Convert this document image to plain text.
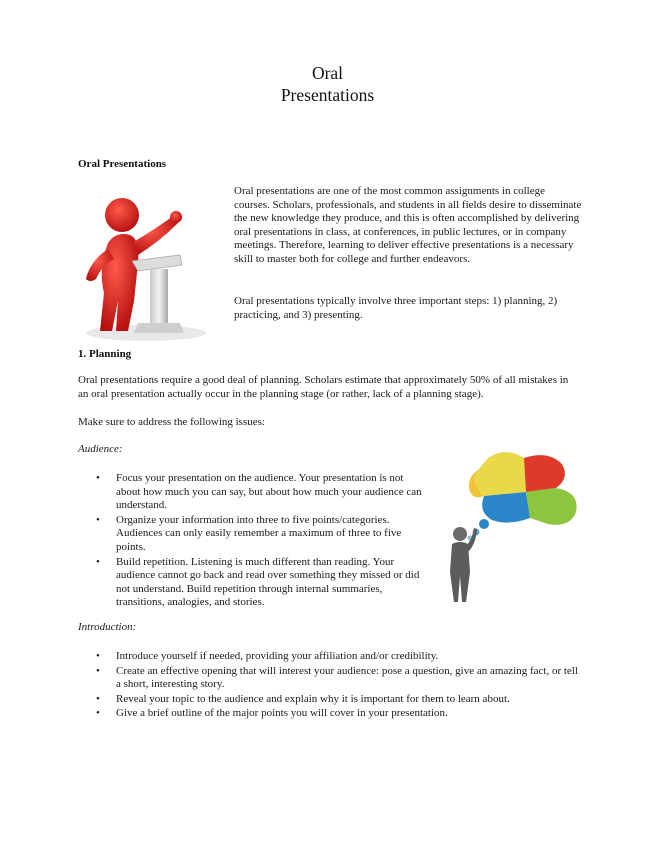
Oral
Presentations
Oral Presentations

Oral presentations are one of the most common assignments in college courses. Scholars, professionals, and students in all fields desire to disseminate the new knowledge they produce, and this is often accomplished by delivering oral presentations in class, at conferences, in public lectures, or in company meetings. Therefore, learning to deliver effective presentations is a necessary skill to master both for college and further endeavors.

Oral presentations typically involve three important steps: 1) planning, 2) practicing, and 3) presenting.

1. Planning

Oral presentations require a good deal of planning. Scholars estimate that approximately 50% of all mistakes in an oral presentation actually occur in the planning stage (or rather, lack of a planning stage).

Make sure to address the following issues:

Audience:

• Focus your presentation on the audience. Your presentation is not about how much you can say, but about how much your audience can understand.
• Organize your information into three to five points/categories. Audiences can only easily remember a maximum of three to five points.
• Build repetition. Listening is much different than reading. Your audience cannot go back and read over something they missed or did not understand. Build repetition through internal summaries, transitions, analogies, and stories.

Introduction:

• Introduce yourself if needed, providing your affiliation and/or credibility.
• Create an effective opening that will interest your audience: pose a question, give an amazing fact, or tell a short, interesting story.
• Reveal your topic to the audience and explain why it is important for them to learn about.
• Give a brief outline of the major points you will cover in your presentation.
